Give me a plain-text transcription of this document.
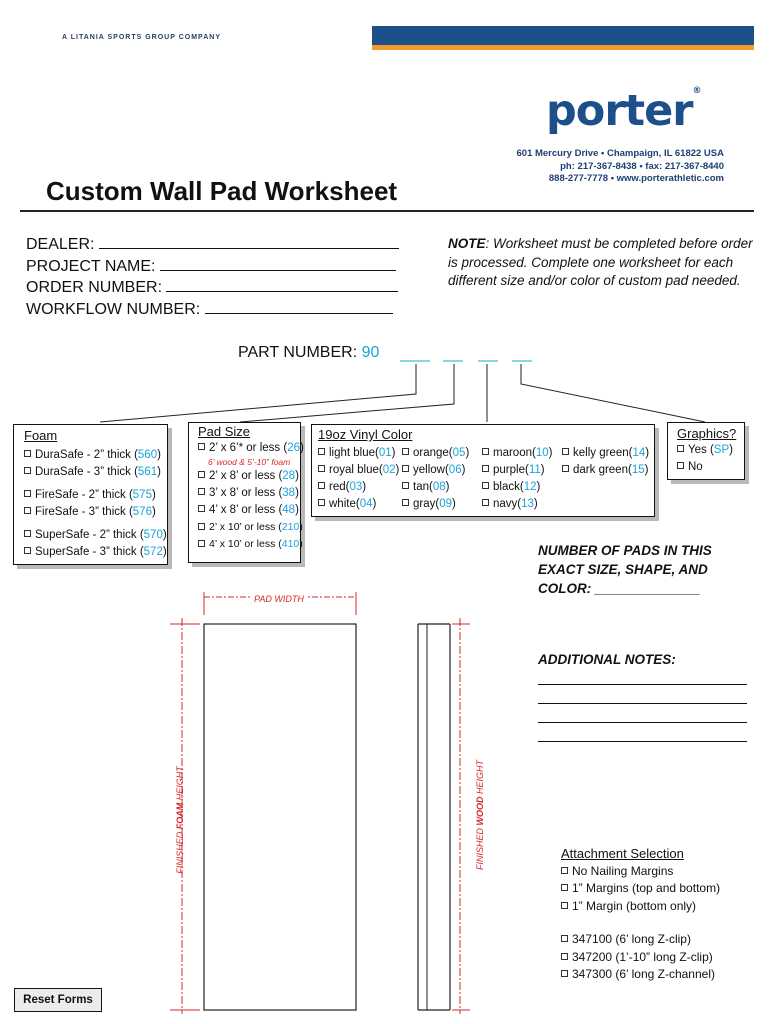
A LITANIA SPORTS GROUP COMPANY
porter®
601 Mercury Drive • Champaign, IL 61822 USA
ph: 217-367-8438 • fax: 217-367-8440
888-277-7778 • www.porterathletic.com
Custom Wall Pad Worksheet
DEALER:
PROJECT NAME:
ORDER NUMBER:
WORKFLOW NUMBER:
NOTE: Worksheet must be completed before order is processed. Complete one worksheet for each different size and/or color of custom pad needed.
PART NUMBER: 90
Foam
DuraSafe - 2” thick (560)
DuraSafe - 3” thick (561)
FireSafe - 2” thick (575)
FireSafe - 3” thick (576)
SuperSafe - 2” thick (570)
SuperSafe - 3” thick (572)
Pad Size
2’ x 6’* or less (26)
6’ wood & 5’-10” foam
2’ x 8’ or less (28)
3’ x 8’ or less (38)
4’ x 8’ or less (48)
2’ x 10’ or less (210)
4’ x 10’ or less (410)
19oz Vinyl Color
light blue(01)
royal blue(02)
red(03)
white(04)
orange(05)
yellow(06)
tan(08)
gray(09)
maroon(10)
purple(11)
black(12)
navy(13)
kelly green(14)
dark green(15)
Graphics?
Yes (SP)
No
NUMBER OF PADS IN THIS
EXACT SIZE, SHAPE, AND
COLOR: ______________
ADDITIONAL NOTES:
PAD WIDTH
FINISHED FOAM HEIGHT
FINISHED WOOD HEIGHT
Attachment Selection
No Nailing Margins
1” Margins (top and bottom)
1” Margin (bottom only)
347100 (6’ long Z-clip)
347200 (1’-10” long Z-clip)
347300 (6’ long Z-channel)
Reset Forms
